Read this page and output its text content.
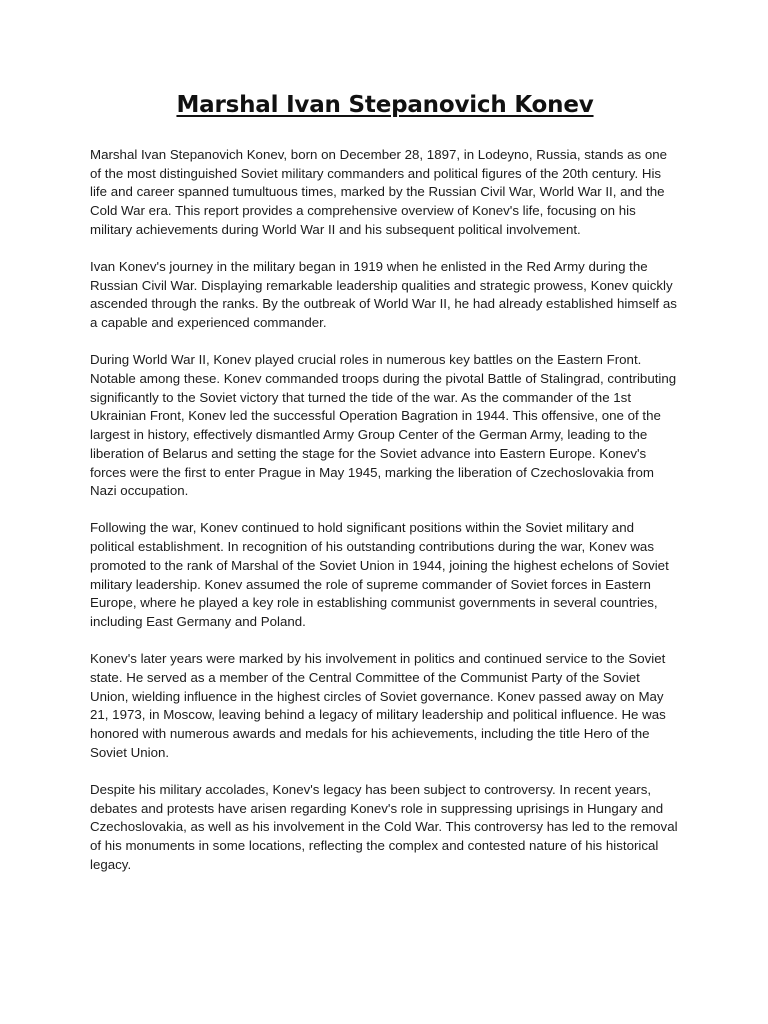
Marshal Ivan Stepanovich Konev

Marshal Ivan Stepanovich Konev, born on December 28, 1897, in Lodeyno, Russia, stands as one of the most distinguished Soviet military commanders and political figures of the 20th century. His life and career spanned tumultuous times, marked by the Russian Civil War, World War II, and the Cold War era. This report provides a comprehensive overview of Konev's life, focusing on his military achievements during World War II and his subsequent political involvement.

Ivan Konev's journey in the military began in 1919 when he enlisted in the Red Army during the Russian Civil War. Displaying remarkable leadership qualities and strategic prowess, Konev quickly ascended through the ranks. By the outbreak of World War II, he had already established himself as a capable and experienced commander.

During World War II, Konev played crucial roles in numerous key battles on the Eastern Front. Notable among these. Konev commanded troops during the pivotal Battle of Stalingrad, contributing significantly to the Soviet victory that turned the tide of the war. As the commander of the 1st Ukrainian Front, Konev led the successful Operation Bagration in 1944. This offensive, one of the largest in history, effectively dismantled Army Group Center of the German Army, leading to the liberation of Belarus and setting the stage for the Soviet advance into Eastern Europe. Konev's forces were the first to enter Prague in May 1945, marking the liberation of Czechoslovakia from Nazi occupation.

Following the war, Konev continued to hold significant positions within the Soviet military and political establishment. In recognition of his outstanding contributions during the war, Konev was promoted to the rank of Marshal of the Soviet Union in 1944, joining the highest echelons of Soviet military leadership. Konev assumed the role of supreme commander of Soviet forces in Eastern Europe, where he played a key role in establishing communist governments in several countries, including East Germany and Poland.

Konev's later years were marked by his involvement in politics and continued service to the Soviet state. He served as a member of the Central Committee of the Communist Party of the Soviet Union, wielding influence in the highest circles of Soviet governance. Konev passed away on May 21, 1973, in Moscow, leaving behind a legacy of military leadership and political influence. He was honored with numerous awards and medals for his achievements, including the title Hero of the Soviet Union.

Despite his military accolades, Konev's legacy has been subject to controversy. In recent years, debates and protests have arisen regarding Konev's role in suppressing uprisings in Hungary and Czechoslovakia, as well as his involvement in the Cold War. This controversy has led to the removal of his monuments in some locations, reflecting the complex and contested nature of his historical legacy.
